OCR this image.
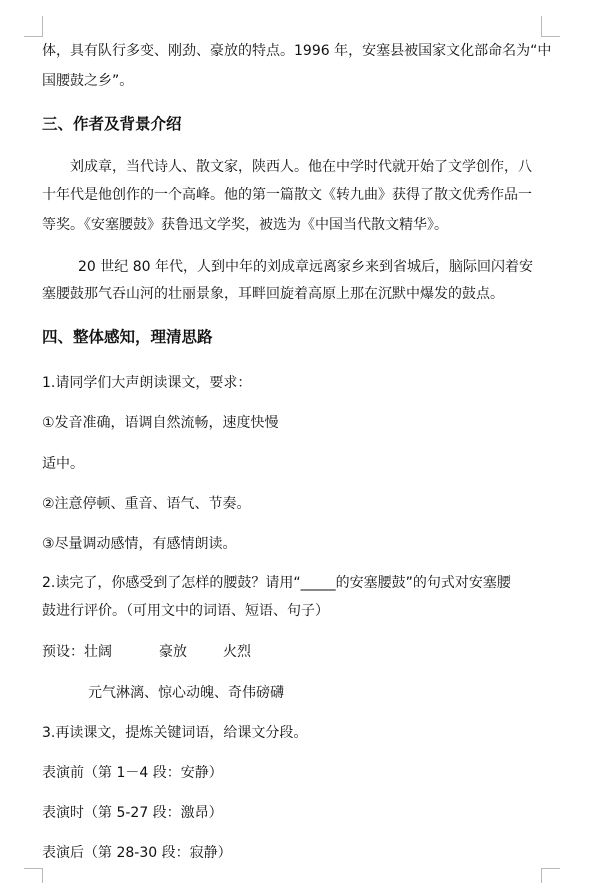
体，具有队行多变、刚劲、豪放的特点。1996 年，安塞县被国家文化部命名为“中
国腰鼓之乡”。
三、作者及背景介绍
刘成章，当代诗人、散文家，陕西人。他在中学时代就开始了文学创作，八
十年代是他创作的一个高峰。他的第一篇散文《转九曲》获得了散文优秀作品一
等奖。《安塞腰鼓》获鲁迅文学奖，被选为《中国当代散文精华》。
20 世纪 80 年代，人到中年的刘成章远离家乡来到省城后，脑际回闪着安
塞腰鼓那气吞山河的壮丽景象，耳畔回旋着高原上那在沉默中爆发的鼓点。
四、整体感知，理清思路
1.请同学们大声朗读课文，要求：
①发音准确，语调自然流畅，速度快慢
适中。
②注意停顿、重音、语气、节奏。
③尽量调动感情，有感情朗读。
2.读完了，你感受到了怎样的腰鼓？请用“_____的安塞腰鼓”的句式对安塞腰
鼓进行评价。（可用文中的词语、短语、句子）
预设：壮阔	豪放	火烈
元气淋漓、惊心动魄、奇伟磅礴
3.再读课文，提炼关键词语，给课文分段。
表演前（第 1－4 段：安静）
表演时（第 5-27 段：激昂）
表演后（第 28-30 段：寂静）
